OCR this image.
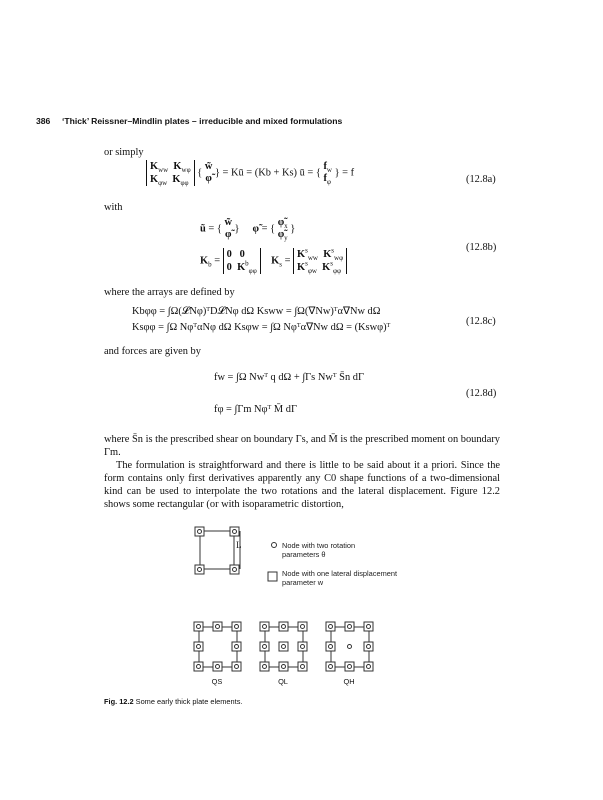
386 ‘Thick’ Reissner–Mindlin plates – irreducible and mixed formulations
or simply
$K_{ww}$ $K_{w\varphi}$
$K_{\varphi w}$ $K_{\varphi\varphi}$ { w̃
φ̃ } = Kū = (Kb + Ks) ū = { $f_w$
$f_\varphi$ } = f
(12.8a)
with
ũ = { w̃
φ̃ } φ̃ = { $\varphĩ_x$
$\varphĩ_y$ }
$K_b = 0$ 0
0 $K^b_{\varphi\varphi}$    $K_s = K^s_{ww}$ $K^s_{w\varphi}$
$K^s_{\varphi w}$ $K^s_{\varphi\varphi}$
(12.8b)
where the arrays are defined by
Kbφφ = ∫Ω(𝓛Nφ)ᵀD𝓛Nφ dΩ Ksww = ∫Ω(∇Nw)ᵀα∇Nw dΩ
Ksφφ = ∫Ω NφᵀαNφ dΩ Ksφw = ∫Ω Nφᵀα∇Nw dΩ = (Kswφ)ᵀ
(12.8c)
and forces are given by
fw = ∫Ω Nwᵀ q dΩ + ∫Γs Nwᵀ S̄n dΓ
fφ = ∫Γm Nφᵀ M̄ dΓ
(12.8d)
where S̄n is the prescribed shear on boundary Γs, and M̄ is the prescribed moment on boundary Γm.
The formulation is straightforward and there is little to be said about it a priori. Since the form contains only first derivatives apparently any C0 shape functions of a two-dimensional kind can be used to interpolate the two rotations and the lateral displacement. Figure 12.2 shows some rectangular (or with isoparametric distortion,
L	Node with two rotation parameters θ
Node with one lateral displacement parameter w
QS	QL	QH
Fig. 12.2 Some early thick plate elements.
